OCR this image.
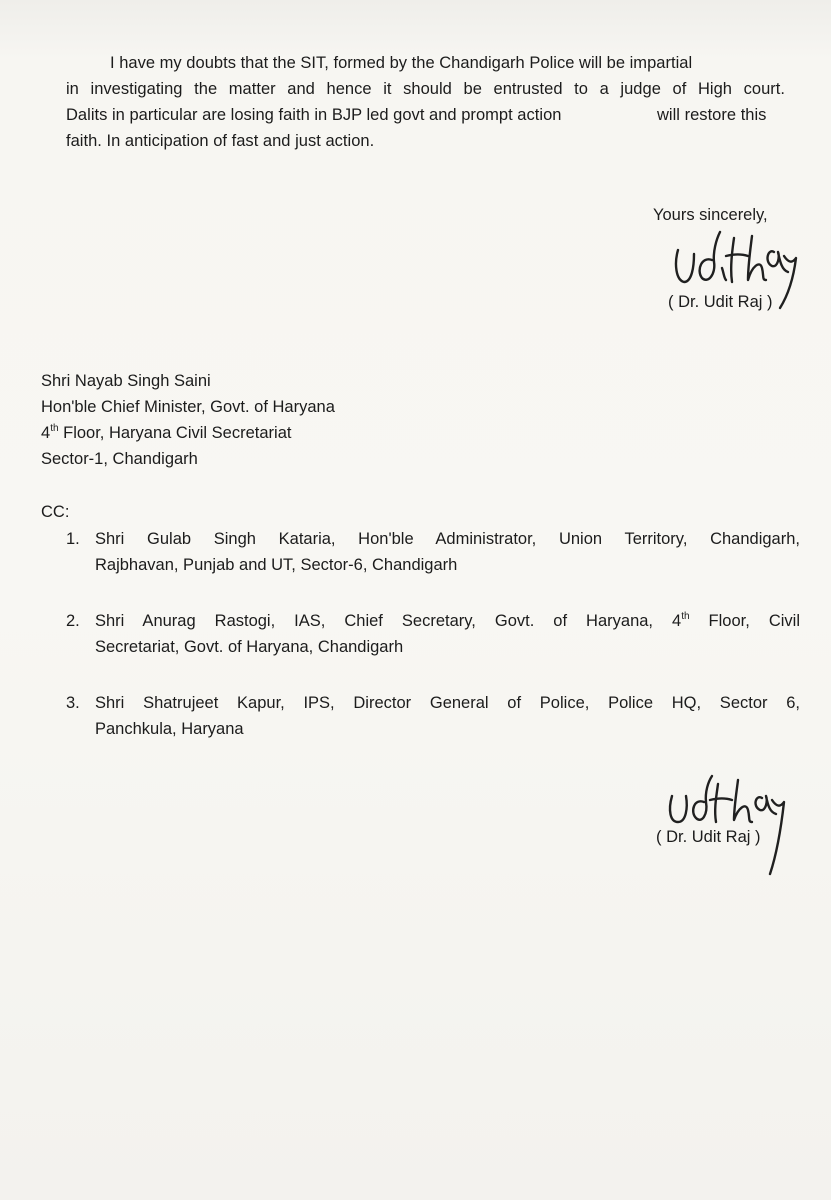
I have my doubts that the SIT, formed by the Chandigarh Police will be impartial
in investigating the matter and hence it should be entrusted to a judge of High court.
Dalits in particular are losing faith in BJP led govt and prompt action	will restore this
faith. In anticipation of fast and just action.
Yours sincerely,
( Dr. Udit Raj )
Shri Nayab Singh Saini
Hon'ble Chief Minister, Govt. of Haryana
4th Floor, Haryana Civil Secretariat
Sector-1, Chandigarh
CC:
1. Shri Gulab Singh Kataria, Hon'ble Administrator, Union Territory, Chandigarh,
Rajbhavan, Punjab and UT, Sector-6, Chandigarh
2. Shri Anurag Rastogi, IAS, Chief Secretary, Govt. of Haryana, 4th Floor, Civil
Secretariat, Govt. of Haryana, Chandigarh
3. Shri Shatrujeet Kapur, IPS, Director General of Police, Police HQ, Sector 6,
Panchkula, Haryana
( Dr. Udit Raj )
